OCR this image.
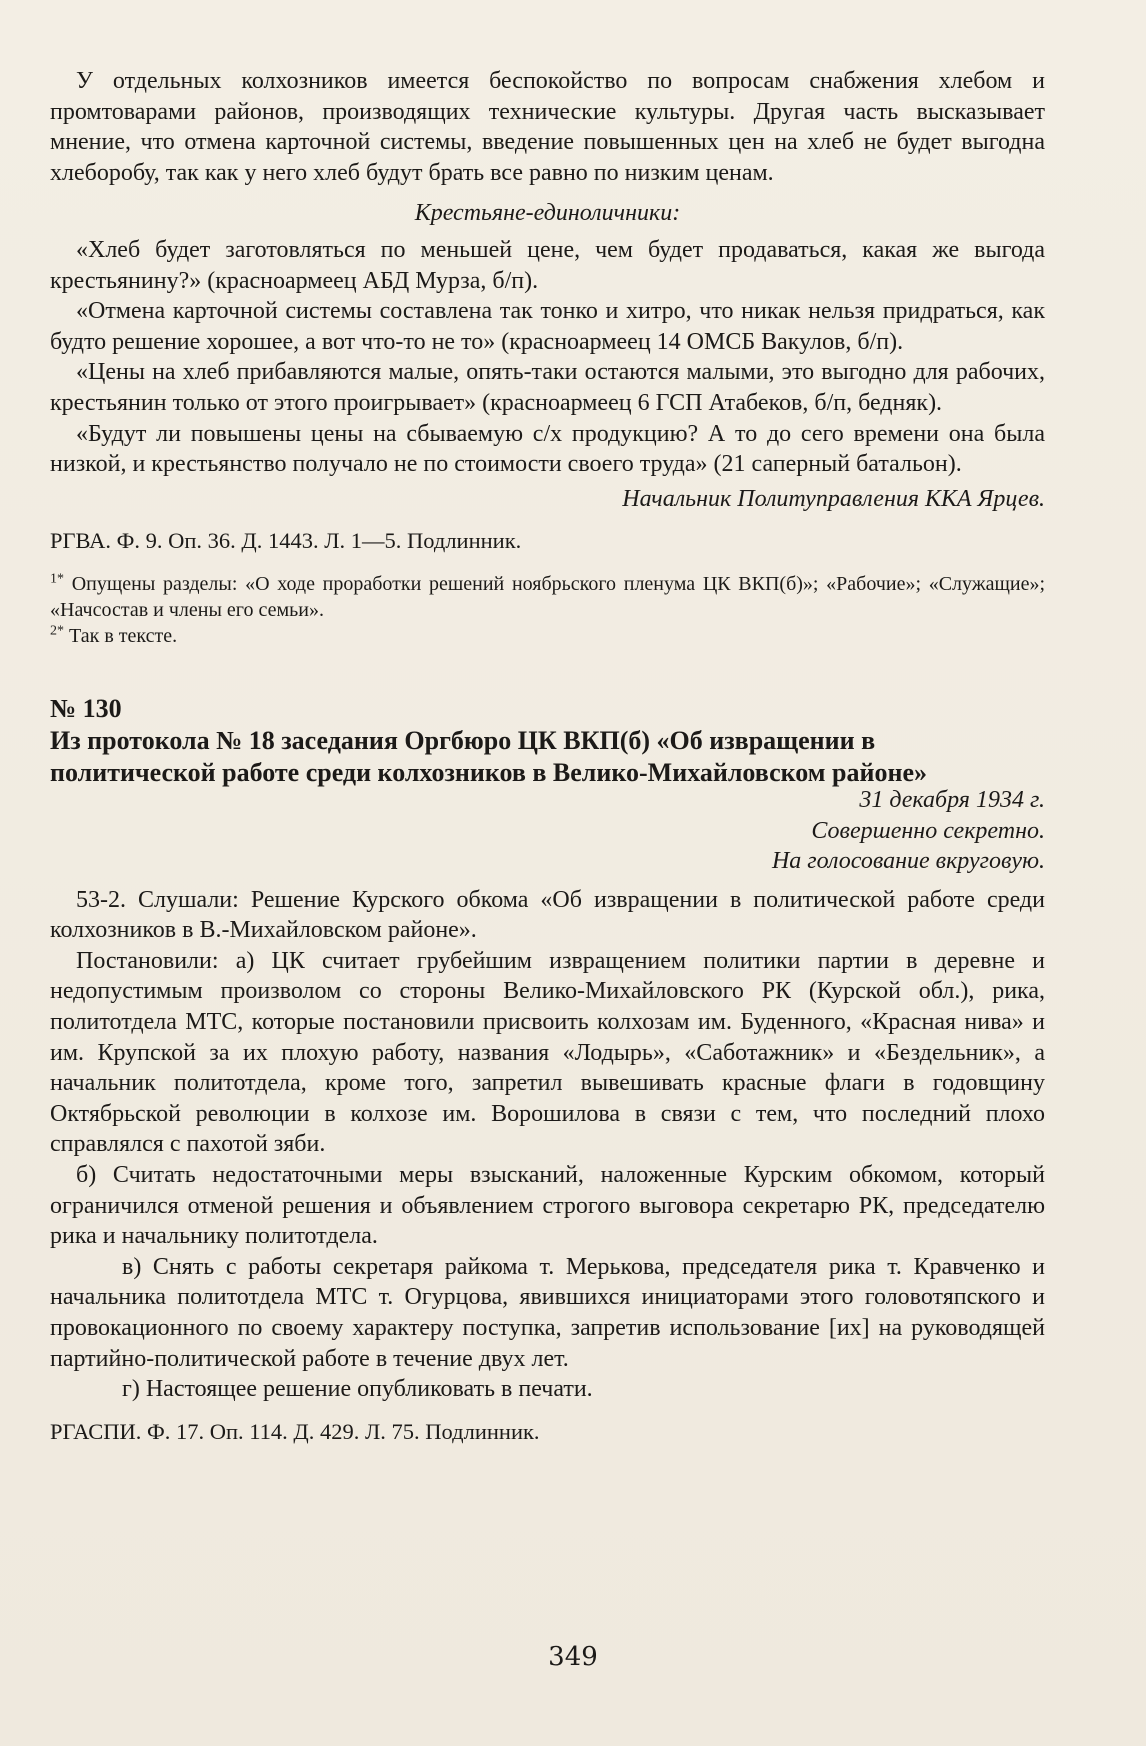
У отдельных колхозников имеется беспокойство по вопросам снабжения хлебом и промтоварами районов, производящих технические культуры. Другая часть высказывает мнение, что отмена карточной системы, введение повышенных цен на хлеб не будет выгодна хлеборобу, так как у него хлеб будут брать все равно по низким ценам.

Крестьяне-единоличники:

«Хлеб будет заготовляться по меньшей цене, чем будет продаваться, какая же выгода крестьянину?» (красноармеец АБД Мурза, б/п).

«Отмена карточной системы составлена так тонко и хитро, что никак нельзя придраться, как будто решение хорошее, а вот что-то не то» (красноармеец 14 ОМСБ Вакулов, б/п).

«Цены на хлеб прибавляются малые, опять-таки остаются малыми, это выгодно для рабочих, крестьянин только от этого проигрывает» (красноармеец 6 ГСП Атабеков, б/п, бедняк).

«Будут ли повышены цены на сбываемую с/х продукцию? А то до сего времени она была низкой, и крестьянство получало не по стоимости своего труда» (21 саперный батальон).

Начальник Политуправления ККА Ярцев.

РГВА. Ф. 9. Оп. 36. Д. 1443. Л. 1—5. Подлинник.

$^{1*}$ Опущены разделы: «О ходе проработки решений ноябрьского пленума ЦК ВКП(б)»; «Рабочие»; «Служащие»; «Начсостав и члены его семьи».

$^{2*}$ Так в тексте.

№ 130

Из протокола № 18 заседания Оргбюро ЦК ВКП(б) «Об извращении в политической работе среди колхозников в Велико-Михайловском районе»

31 декабря 1934 г.

Совершенно секретно.

На голосование вкруговую.

53-2. Слушали: Решение Курского обкома «Об извращении в политической работе среди колхозников в В.-Михайловском районе».

Постановили: а) ЦК считает грубейшим извращением политики партии в деревне и недопустимым произволом со стороны Велико-Михайловского РК (Курской обл.), рика, политотдела МТС, которые постановили присвоить колхозам им. Буденного, «Красная нива» и им. Крупской за их плохую работу, названия «Лодырь», «Саботажник» и «Бездельник», а начальник политотдела, кроме того, запретил вывешивать красные флаги в годовщину Октябрьской революции в колхозе им. Ворошилова в связи с тем, что последний плохо справлялся с пахотой зяби.

б) Считать недостаточными меры взысканий, наложенные Курским обкомом, который ограничился отменой решения и объявлением строгого выговора секретарю РК, председателю рика и начальнику политотдела.

в) Снять с работы секретаря райкома т. Мерькова, председателя рика т. Кравченко и начальника политотдела МТС т. Огурцова, явившихся инициаторами этого головотяпского и провокационного по своему характеру поступка, запретив использование [их] на руководящей партийно-политической работе в течение двух лет.

г) Настоящее решение опубликовать в печати.

РГАСПИ. Ф. 17. Оп. 114. Д. 429. Л. 75. Подлинник.

349
